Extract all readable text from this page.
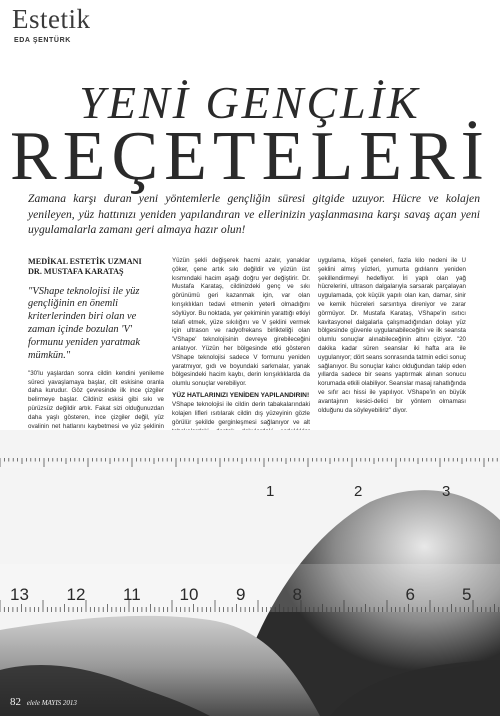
Estetik
EDA ŞENTÜRK
YENİ GENÇLİK
REÇETELERİ
Zamana karşı duran yeni yöntemlerle gençliğin süresi gitgide uzuyor. Hücre ve kolajen yenileyen, yüz hattınızı yeniden yapılandıran ve ellerinizin yaşlanmasına karşı savaş açan yeni uygulamalarla zamanı geri almaya hazır olun!
MEDİKAL ESTETİK UZMANI
DR. MUSTAFA KARATAŞ
"VShape teknolojisi ile yüz gençliğinin en önemli kriterlerinden biri olan ve zaman içinde bozulan 'V' formunu yeniden yaratmak mümkün."

"30'lu yaşlardan sonra cildin kendini yenileme süreci yavaşlamaya başlar, cilt eskisine oranla daha kurudur. Göz çevresinde ilk ince çizgiler belirmeye başlar. Cildiniz eskisi gibi sıkı ve pürüzsüz değildir artık. Fakat sizi olduğunuzdan daha yaşlı gösteren, ince çizgiler değil, yüz ovalinin net hatlarını kaybetmesi ve yüz şeklinin

Yüzün şekli değişerek hacmi azalır, yanaklar çöker, çene artık sıkı değildir ve yüzün üst kısmındaki hacim aşağı doğru yer değiştirir. Dr. Mustafa Karataş, cildinizdeki genç ve sıkı görünümü geri kazanmak için, var olan kırışıklıkları tedavi etmenin yeterli olmadığını söylüyor. Bu noktada, yer çekiminin yarattığı etkiyi telafi etmek, yüze sıkılığını ve V şeklini vermek için ultrason ve radyofrekans birlikteliği olan 'VShape' teknolojisinin devreye girebileceğini anlatıyor. Yüzün her bölgesinde etki gösteren VShape teknolojisi sadece V formunu yeniden yaratmıyor, gıdı ve boyundaki sarkmalar, yanak bölgesindeki hacim kaybı, derin kırışıklıklarda da olumlu sonuçlar verebiliyor.

YÜZ HATLARINIZI YENİDEN YAPILANDIRIN!

VShape teknolojisi ile cildin derin tabakalarındaki kolajen lifleri ısıtılarak cildin dış yüzeyinin gözle görülür şekilde gerginleşmesi sağlanıyor ve alt

uygulama, köşeli çeneleri, fazla kilo nedeni ile U şeklini almış yüzleri, yumurta gıdılarını yeniden şekillendirmeyi hedefliyor. İri yaplı olan yağ hücrelerini, ultrason dalgalarıyla sarsarak parçalayan uygulamada, çok küçük yapılı olan kan, damar, sinir ve kemik hücreleri sarsıntıya direniyor ve zarar görmüyor. Dr. Mustafa Karataş, VShape'in ısıtıcı kavitasyonel dalgalarla çalışmadığından dolayı yüz bölgesinde güvenle uygulanabileceğini ve ilk seansta olumlu sonuçlar alınabileceğinin altını çiziyor. "20 dakika kadar süren seanslar iki hafta ara ile uygulanıyor; dört seans sonrasında tatmin edici sonuç sağlanıyor. Bu sonuçlar kalıcı olduğundan takip eden yıllarda sadece bir seans yaptırmak alınan sonucu korumada etkili olabiliyor. Seanslar masaj rahatlığında ve sıfır acı hissi ile yapılıyor. VShape'in en büyük avantajının kesici-delici bir yöntem olmaması olduğunu da söyleyebiliriz" diyor.

13 12 11 10 9	8	6	5
3
2
1
82 elele MAYIS 2013
